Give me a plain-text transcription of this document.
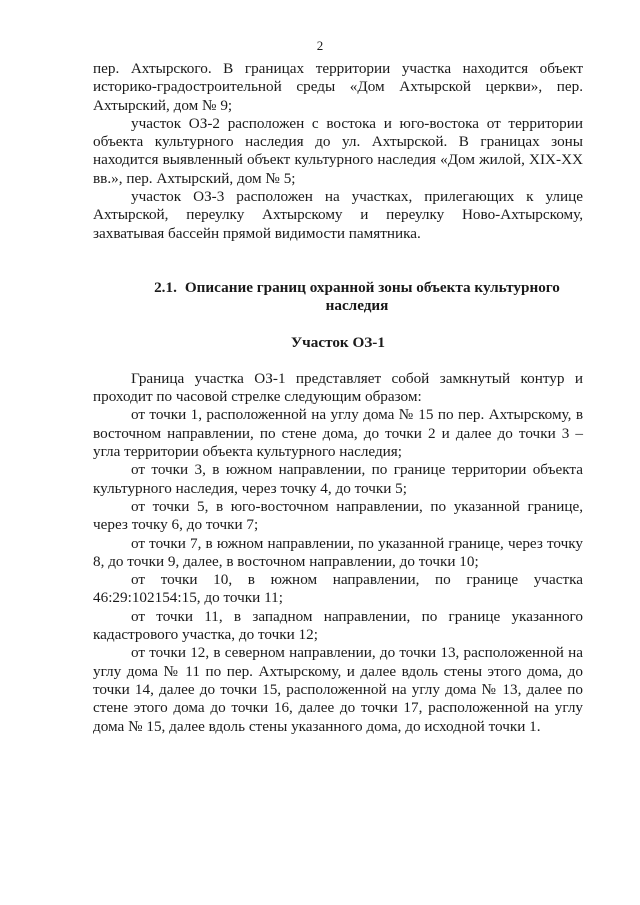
2

пер. Ахтырского. В границах территории участка находится объект историко-градостроительной среды «Дом Ахтырской церкви», пер. Ахтырский, дом № 9;

участок ОЗ-2 расположен с востока и юго-востока от территории объекта культурного наследия до ул. Ахтырской. В границах зоны находится выявленный объект культурного наследия «Дом жилой, XIX-XX вв.», пер. Ахтырский, дом № 5;

участок ОЗ-3 расположен на участках, прилегающих к улице Ахтырской, переулку Ахтырскому и переулку Ново-Ахтырскому, захватывая бассейн прямой видимости памятника.

2.1. Описание границ охранной зоны объекта культурного наследия
Участок ОЗ-1

Граница участка ОЗ-1 представляет собой замкнутый контур и проходит по часовой стрелке следующим образом:

от точки 1, расположенной на углу дома № 15 по пер. Ахтырскому, в восточном направлении, по стене дома, до точки 2 и далее до точки 3 – угла территории объекта культурного наследия;

от точки 3, в южном направлении, по границе территории объекта культурного наследия, через точку 4, до точки 5;

от точки 5, в юго-восточном направлении, по указанной границе, через точку 6, до точки 7;

от точки 7, в южном направлении, по указанной границе, через точку 8, до точки 9, далее, в восточном направлении, до точки 10;

от точки 10, в южном направлении, по границе участка 46:29:102154:15, до точки 11;

от точки 11, в западном направлении, по границе указанного кадастрового участка, до точки 12;

от точки 12, в северном направлении, до точки 13, расположенной на углу дома № 11 по пер. Ахтырскому, и далее вдоль стены этого дома, до точки 14, далее до точки 15, расположенной на углу дома № 13, далее по стене этого дома до точки 16, далее до точки 17, расположенной на углу дома № 15, далее вдоль стены указанного дома, до исходной точки 1.
